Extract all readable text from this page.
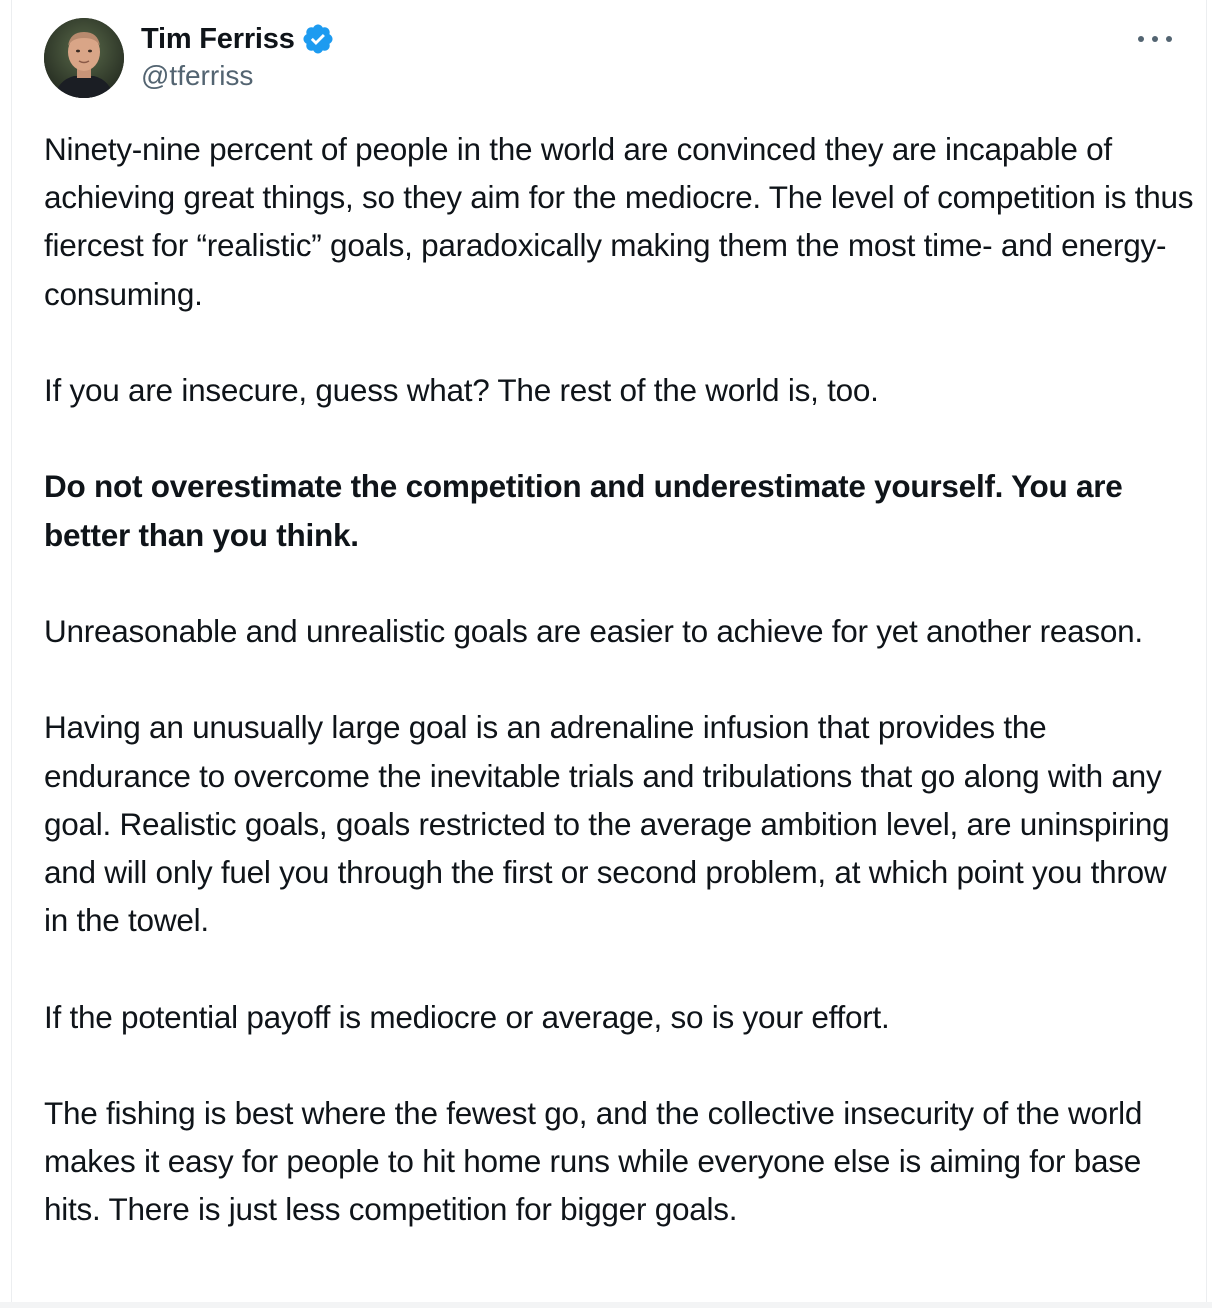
Tim Ferriss
@tferriss

Ninety-nine percent of people in the world are convinced they are incapable of achieving great things, so they aim for the mediocre. The level of competition is thus fiercest for “realistic” goals, paradoxically making them the most time- and energy-consuming.

If you are insecure, guess what? The rest of the world is, too.

Do not overestimate the competition and underestimate yourself. You are better than you think.

Unreasonable and unrealistic goals are easier to achieve for yet another reason.

Having an unusually large goal is an adrenaline infusion that provides the endurance to overcome the inevitable trials and tribulations that go along with any goal. Realistic goals, goals restricted to the average ambition level, are uninspiring and will only fuel you through the first or second problem, at which point you throw in the towel.

If the potential payoff is mediocre or average, so is your effort.

The fishing is best where the fewest go, and the collective insecurity of the world makes it easy for people to hit home runs while everyone else is aiming for base hits. There is just less competition for bigger goals.
